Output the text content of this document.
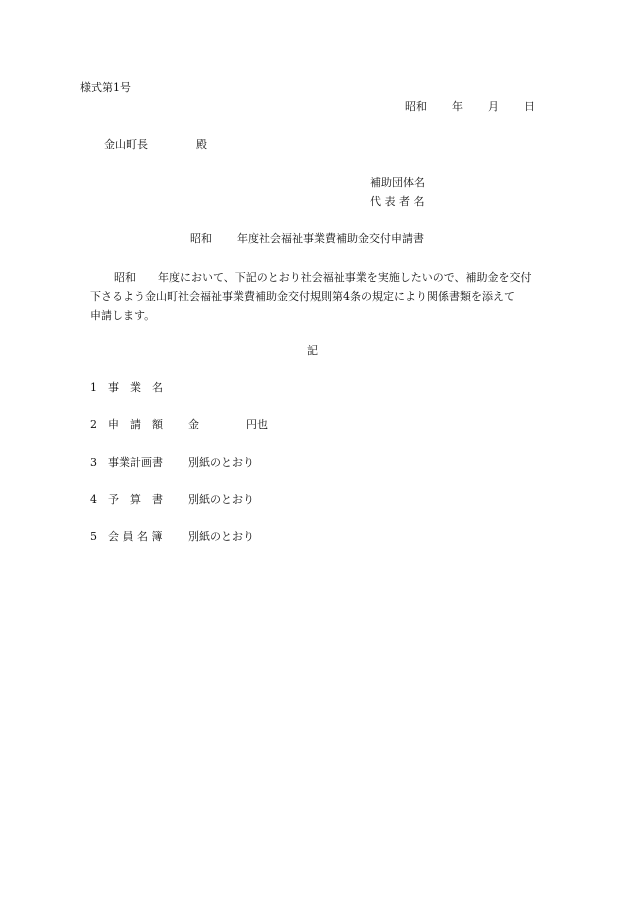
様式第1号
昭和	年	月	日
金山町長	殿
補助団体名
代 表 者 名
昭和	年度社会福祉事業費補助金交付申請書
昭和　　 年度において、下記のとおり社会福祉事業を実施したいので、補助金を交付
下さるよう金山町社会福祉事業費補助金交付規則第4条の規定により関係書類を添えて
申請します。
記
1	事　業　名
2	申　請　額	金	円也
3	事業計画書	別紙のとおり
4	予　算　書	別紙のとおり
5	会 員 名 簿	別紙のとおり
